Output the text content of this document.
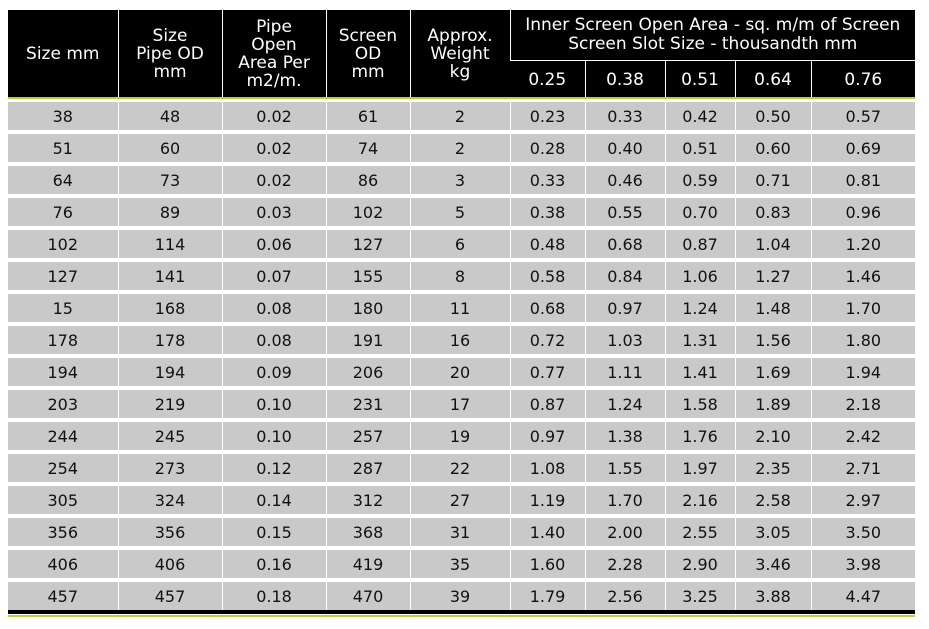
Size mm	Size
Pipe OD
mm	Pipe
Open
Area Per
m2/m.	Screen
OD
mm	Approx.
Weight
kg	Inner Screen Open Area - sq. m/m of Screen
Screen Slot Size - thousandth mm				
					0.25	0.38	0.51	0.64	0.76
38	48	0.02	61	2	0.23	0.33	0.42	0.50	0.57
51	60	0.02	74	2	0.28	0.40	0.51	0.60	0.69
64	73	0.02	86	3	0.33	0.46	0.59	0.71	0.81
76	89	0.03	102	5	0.38	0.55	0.70	0.83	0.96
102	114	0.06	127	6	0.48	0.68	0.87	1.04	1.20
127	141	0.07	155	8	0.58	0.84	1.06	1.27	1.46
15	168	0.08	180	11	0.68	0.97	1.24	1.48	1.70
178	178	0.08	191	16	0.72	1.03	1.31	1.56	1.80
194	194	0.09	206	20	0.77	1.11	1.41	1.69	1.94
203	219	0.10	231	17	0.87	1.24	1.58	1.89	2.18
244	245	0.10	257	19	0.97	1.38	1.76	2.10	2.42
254	273	0.12	287	22	1.08	1.55	1.97	2.35	2.71
305	324	0.14	312	27	1.19	1.70	2.16	2.58	2.97
356	356	0.15	368	31	1.40	2.00	2.55	3.05	3.50
406	406	0.16	419	35	1.60	2.28	2.90	3.46	3.98
457	457	0.18	470	39	1.79	2.56	3.25	3.88	4.47
